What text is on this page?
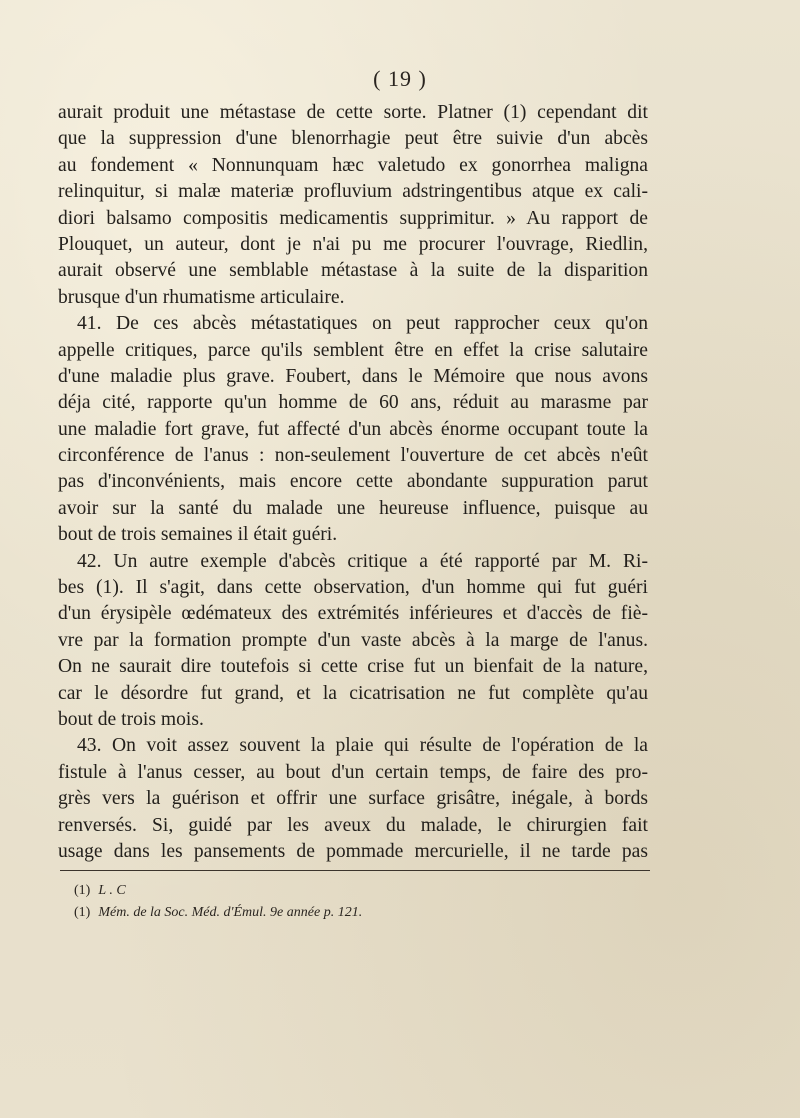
( 19 )
aurait produit une métastase de cette sorte. Platner (1) cependant dit
que la suppression d'une blenorrhagie peut être suivie d'un abcès
au fondement « Nonnunquam hæc valetudo ex gonorrhea maligna
relinquitur, si malæ materiæ profluvium adstringentibus atque ex cali-
diori balsamo compositis medicamentis supprimitur. » Au rapport de
Plouquet, un auteur, dont je n'ai pu me procurer l'ouvrage, Riedlin,
aurait observé une semblable métastase à la suite de la disparition
brusque d'un rhumatisme articulaire.
41. De ces abcès métastatiques on peut rapprocher ceux qu'on
appelle critiques, parce qu'ils semblent être en effet la crise salutaire
d'une maladie plus grave. Foubert, dans le Mémoire que nous avons
déja cité, rapporte qu'un homme de 60 ans, réduit au marasme par
une maladie fort grave, fut affecté d'un abcès énorme occupant toute la
circonférence de l'anus : non-seulement l'ouverture de cet abcès n'eût
pas d'inconvénients, mais encore cette abondante suppuration parut
avoir sur la santé du malade une heureuse influence, puisque au
bout de trois semaines il était guéri.
42. Un autre exemple d'abcès critique a été rapporté par M. Ri-
bes (1). Il s'agit, dans cette observation, d'un homme qui fut guéri
d'un érysipèle œdémateux des extrémités inférieures et d'accès de fiè-
vre par la formation prompte d'un vaste abcès à la marge de l'anus.
On ne saurait dire toutefois si cette crise fut un bienfait de la nature,
car le désordre fut grand, et la cicatrisation ne fut complète qu'au
bout de trois mois.
43. On voit assez souvent la plaie qui résulte de l'opération de la
fistule à l'anus cesser, au bout d'un certain temps, de faire des pro-
grès vers la guérison et offrir une surface grisâtre, inégale, à bords
renversés. Si, guidé par les aveux du malade, le chirurgien fait
usage dans les pansements de pommade mercurielle, il ne tarde pas
(1) L . C
(1) Mém. de la Soc. Méd. d'Émul. 9e année p. 121.
